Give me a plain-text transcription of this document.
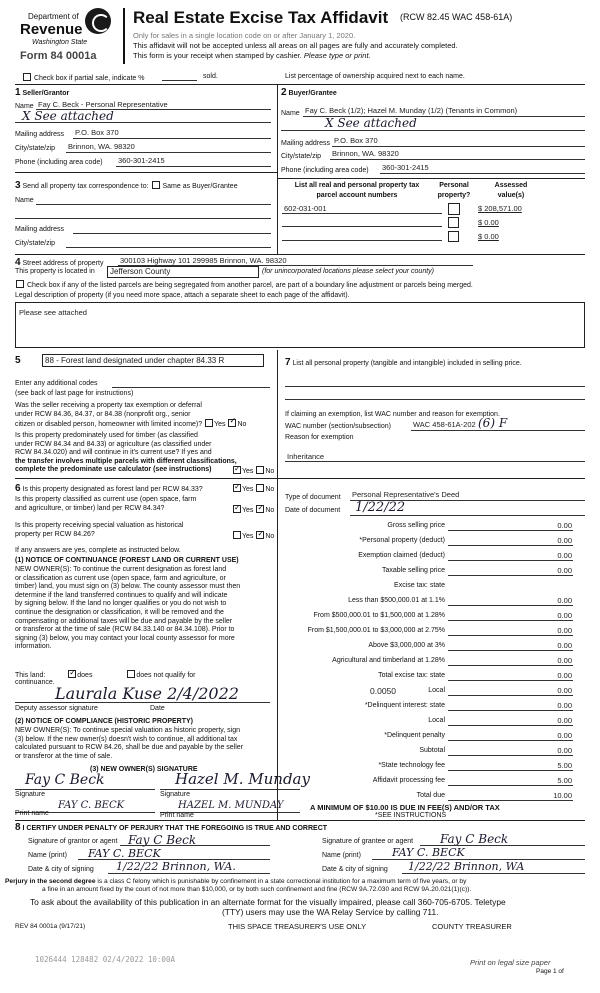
Department of
Revenue
Washington State
Form 84 0001a
Real Estate Excise Tax Affidavit (RCW 82.45 WAC 458-61A)
Only for sales in a single location code on or after January 1, 2020.
This affidavit will not be accepted unless all areas on all pages are fully and accurately completed.
This form is your receipt when stamped by cashier. Please type or print.
Check box if partial sale, indicate %	sold.	List percentage of ownership acquired next to each name.
1 Seller/Grantor
Name Fay C. Beck - Personal Representative
X See attached
Mailing address P.O. Box 370
City/state/zip Brinnon, WA. 98320
Phone (including area code) 360-301-2415
2 Buyer/Grantee
Name Fay C. Beck (1/2); Hazel M. Munday (1/2) (Tenants in Common)
X See attached
Mailing address P.O. Box 370
City/state/zip Brinnon, WA. 98320
Phone (including area code) 360-301-2415
3 Send all property tax correspondence to: Same as Buyer/Grantee
Name
Mailing address
City/state/zip
List all real and personal property tax
parcel account numbers
Personal
property?
Assessed
value(s)
602-031-001	$ 208,571.00
$ 0.00
$ 0.00
4 Street address of property 300103 Highway 101 299985 Brinnon, WA. 98320
This property is located in	Jefferson County	(for unincorporated locations please select your county)
Check box if any of the listed parcels are being segregated from another parcel, are part of a boundary line adjustment or parcels being merged.
Legal description of property (if you need more space, attach a separate sheet to each page of the affidavit).
Please see attached
5	88 - Forest land designated under chapter 84.33 R
Enter any additional codes
(see back of last page for instructions)
Was the seller receiving a property tax exemption or deferral
under RCW 84.36, 84.37, or 84.38 (nonprofit org., senior
citizen or disabled person, homeowner with limited income)? Yes ✓ No
Is this property predominately used for timber (as classified
under RCW 84.34 and 84.33) or agriculture (as classified under
RCW 84.34.020) and will continue in it's current use? If yes and
the transfer involves multiple parcels with different classifications,
complete the predominate use calculator (see instructions) ✓	Yes No
6 Is this property designated as forest land per RCW 84.33? ✓	Yes No
Is this property classified as current use (open space, farm
and agriculture, or timber) land per RCW 84.34? ✓	Yes ✓ No
Is this property receiving special valuation as historical
property per RCW 84.26?	Yes ✓ No
If any answers are yes, complete as instructed below.
(1) NOTICE OF CONTINUANCE (FOREST LAND OR CURRENT USE)
NEW OWNER(S): To continue the current designation as forest land
or classification as current use (open space, farm and agriculture, or
timber) land, you must sign on (3) below. The county assessor must then
determine if the land transferred continues to qualify and will indicate
by signing below. If the land no longer qualifies or you do not wish to
continue the designation or classification, it will be removed and the
compensating or additional taxes will be due and payable by the seller
or transferor at the time of sale (RCW 84.33.140 or 84.34.108). Prior to
signing (3) below, you may contact your local county assessor for more
information.
This land: ✓	does	does not qualify for
continuance.
Laurala Kuse 2/4/2022
Deputy assessor signature	Date
(2) NOTICE OF COMPLIANCE (HISTORIC PROPERTY)
NEW OWNER(S): To continue special valuation as historic property, sign
(3) below. If the new owner(s) doesn't wish to continue, all additional tax
calculated pursuant to RCW 84.26, shall be due and payable by the seller
or transferor at the time of sale.
(3) NEW OWNER(S) SIGNATURE
Fay C Beck	Hazel M. Munday
Signature	Signature
FAY C. BECK	HAZEL M. MUNDAY
Print name	Print name
7 List all personal property (tangible and intangible) included in selling price.
If claiming an exemption, list WAC number and reason for exemption.
WAC number (section/subsection)	WAC 458-61A-202 (6) F
Reason for exemption
Inheritance
Type of document Personal Representative's Deed
Date of document 1/22/22
Gross selling price	0.00
*Personal property (deduct)	0.00
Exemption claimed (deduct)	0.00
Taxable selling price	0.00
Excise tax: state
Less than $500,000.01 at 1.1%	0.00
From $500,000.01 to $1,500,000 at 1.28%	0.00
From $1,500,000.01 to $3,000,000 at 2.75%	0.00
Above $3,000,000 at 3%	0.00
Agricultural and timberland at 1.28%	0.00
Total excise tax: state	0.00
0.0050	Local	0.00
*Delinquent interest: state	0.00
Local	0.00
*Delinquent penalty	0.00
Subtotal	0.00
*State technology fee	5.00
Affidavit processing fee	5.00
Total due	10.00
A MINIMUM OF $10.00 IS DUE IN FEE(S) AND/OR TAX
*SEE INSTRUCTIONS
8 I CERTIFY UNDER PENALTY OF PERJURY THAT THE FOREGOING IS TRUE AND CORRECT
Signature of grantor or agent Fay C Beck
Name (print) FAY C. BECK
Date & city of signing 1/22/22 Brinnon, WA.
Signature of grantee or agent Fay C Beck
Name (print)	FAY C. BECK
Date & city of signing 1/22/22 Brinnon, WA
Perjury in the second degree is a class C felony which is punishable by confinement in a state correctional institution for a maximum term of five years, or by
a fine in an amount fixed by the court of not more than $10,000, or by both such confinement and fine (RCW 9A.72.030 and RCW 9A.20.021(1)(c)).
To ask about the availability of this publication in an alternate format for the visually impaired, please call 360-705-6705. Teletype
(TTY) users may use the WA Relay Service by calling 711.
REV 84 0001a (9/17/21)	THIS SPACE TREASURER'S USE ONLY	COUNTY TREASURER
1026444 128482 02/4/2022 10:00A	Print on legal size paper
Page 1 of
